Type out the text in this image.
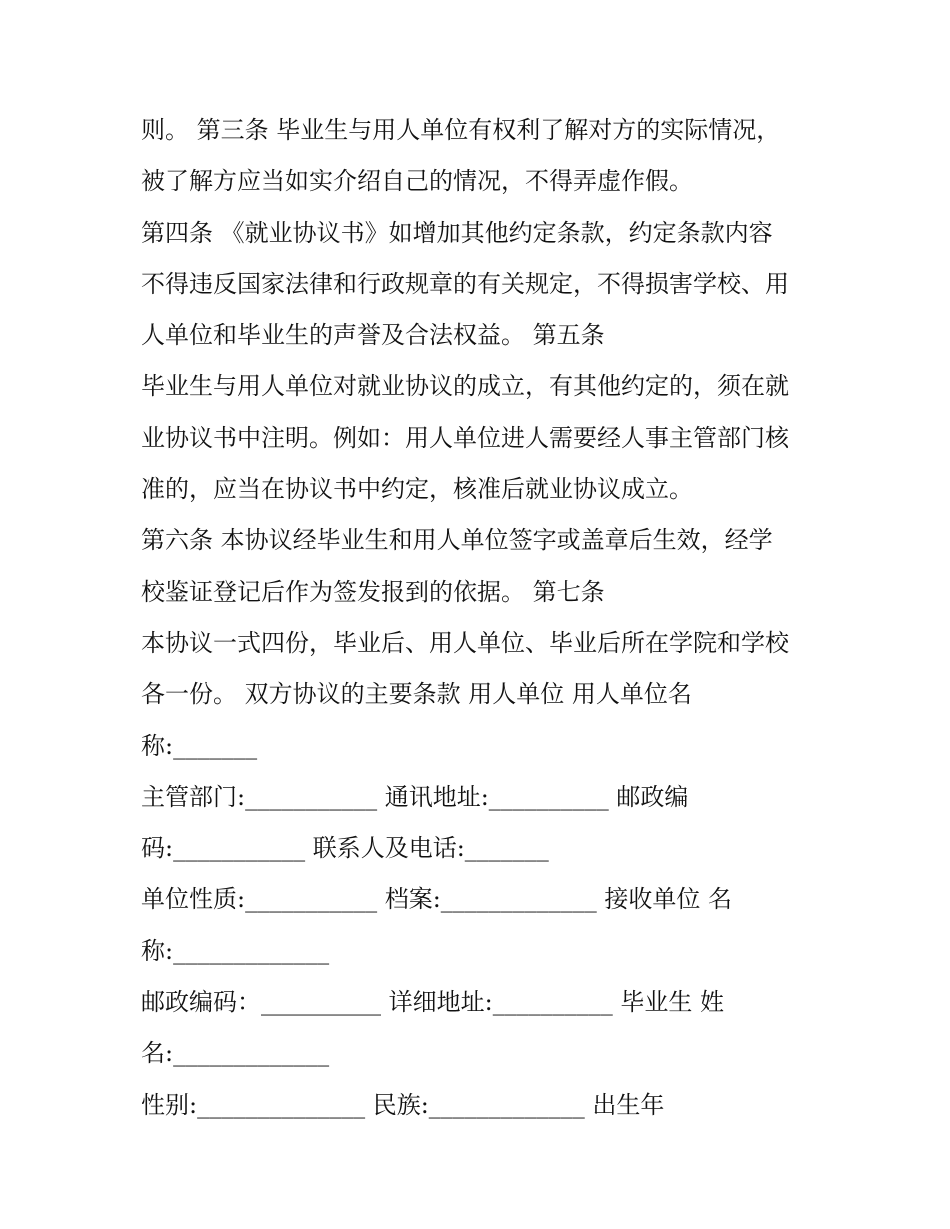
则。 第三条 毕业生与用人单位有权利了解对方的实际情况，
被了解方应当如实介绍自己的情况，不得弄虚作假。
第四条 《就业协议书》如增加其他约定条款，约定条款内容
不得违反国家法律和行政规章的有关规定，不得损害学校、用
人单位和毕业生的声誉及合法权益。 第五条
毕业生与用人单位对就业协议的成立，有其他约定的，须在就
业协议书中注明。例如：用人单位进人需要经人事主管部门核
准的，应当在协议书中约定，核准后就业协议成立。
第六条 本协议经毕业生和用人单位签字或盖章后生效，经学
校鉴证登记后作为签发报到的依据。 第七条
本协议一式四份，毕业后、用人单位、毕业后所在学院和学校
各一份。 双方协议的主要条款 用人单位 用人单位名
称:_______
主管部门:___________ 通讯地址:__________ 邮政编
码:___________ 联系人及电话:_______
单位性质:___________ 档案:_____________ 接收单位 名
称:_____________
邮政编码：__________ 详细地址:__________ 毕业生 姓
名:_____________
性别:______________ 民族:_____________ 出生年
